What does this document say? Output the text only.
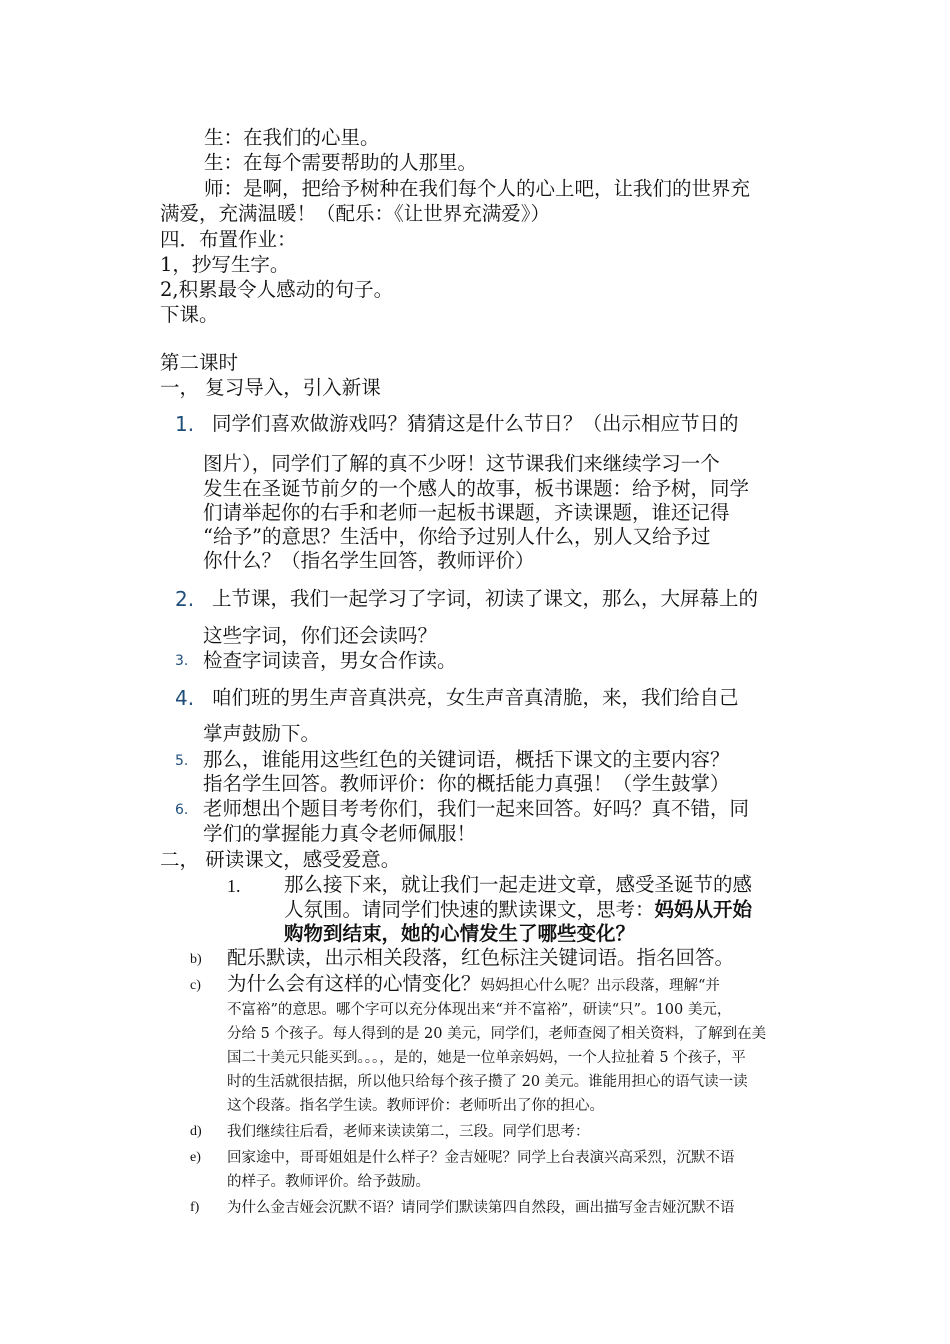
生：在我们的心里。
生：在每个需要帮助的人那里。
师：是啊，把给予树种在我们每个人的心上吧，让我们的世界充
满爱，充满温暖！（配乐：《让世界充满爱》）
四．布置作业：
1，抄写生字。
2,积累最令人感动的句子。
下课。
第二课时
一， 复习导入，引入新课
1. 同学们喜欢做游戏吗？猜猜这是什么节日？（出示相应节日的
图片），同学们了解的真不少呀！这节课我们来继续学习一个
发生在圣诞节前夕的一个感人的故事，板书课题：给予树，同学
们请举起你的右手和老师一起板书课题，齐读课题，谁还记得
“给予”的意思？生活中，你给予过别人什么，别人又给予过
你什么？（指名学生回答，教师评价）
2. 上节课，我们一起学习了字词，初读了课文，那么，大屏幕上的
这些字词，你们还会读吗？
3. 检查字词读音，男女合作读。
4. 咱们班的男生声音真洪亮，女生声音真清脆，来，我们给自己
掌声鼓励下。
5. 那么，谁能用这些红色的关键词语，概括下课文的主要内容？
指名学生回答。教师评价：你的概括能力真强！（学生鼓掌）
6. 老师想出个题目考考你们，我们一起来回答。好吗？真不错，同
学们的掌握能力真令老师佩服！
二， 研读课文，感受爱意。
1. 那么接下来，就让我们一起走进文章，感受圣诞节的感
人氛围。请同学们快速的默读课文，思考：妈妈从开始
购物到结束，她的心情发生了哪些变化？
b) 配乐默读，出示相关段落，红色标注关键词语。指名回答。
c) 为什么会有这样的心情变化？妈妈担心什么呢？出示段落，理解“并
不富裕”的意思。哪个字可以充分体现出来“并不富裕”，研读“只”。100 美元，
分给 5 个孩子。每人得到的是 20 美元，同学们，老师查阅了相关资料，了解到在美
国二十美元只能买到。。。，是的，她是一位单亲妈妈，一个人拉扯着 5 个孩子，平
时的生活就很拮据，所以他只给每个孩子攒了 20 美元。谁能用担心的语气读一读
这个段落。指名学生读。教师评价：老师听出了你的担心。
d) 我们继续往后看，老师来读读第二，三段。同学们思考：
e) 回家途中，哥哥姐姐是什么样子？金吉娅呢？同学上台表演兴高采烈，沉默不语
的样子。教师评价。给予鼓励。
f) 为什么金吉娅会沉默不语？请同学们默读第四自然段，画出描写金吉娅沉默不语
